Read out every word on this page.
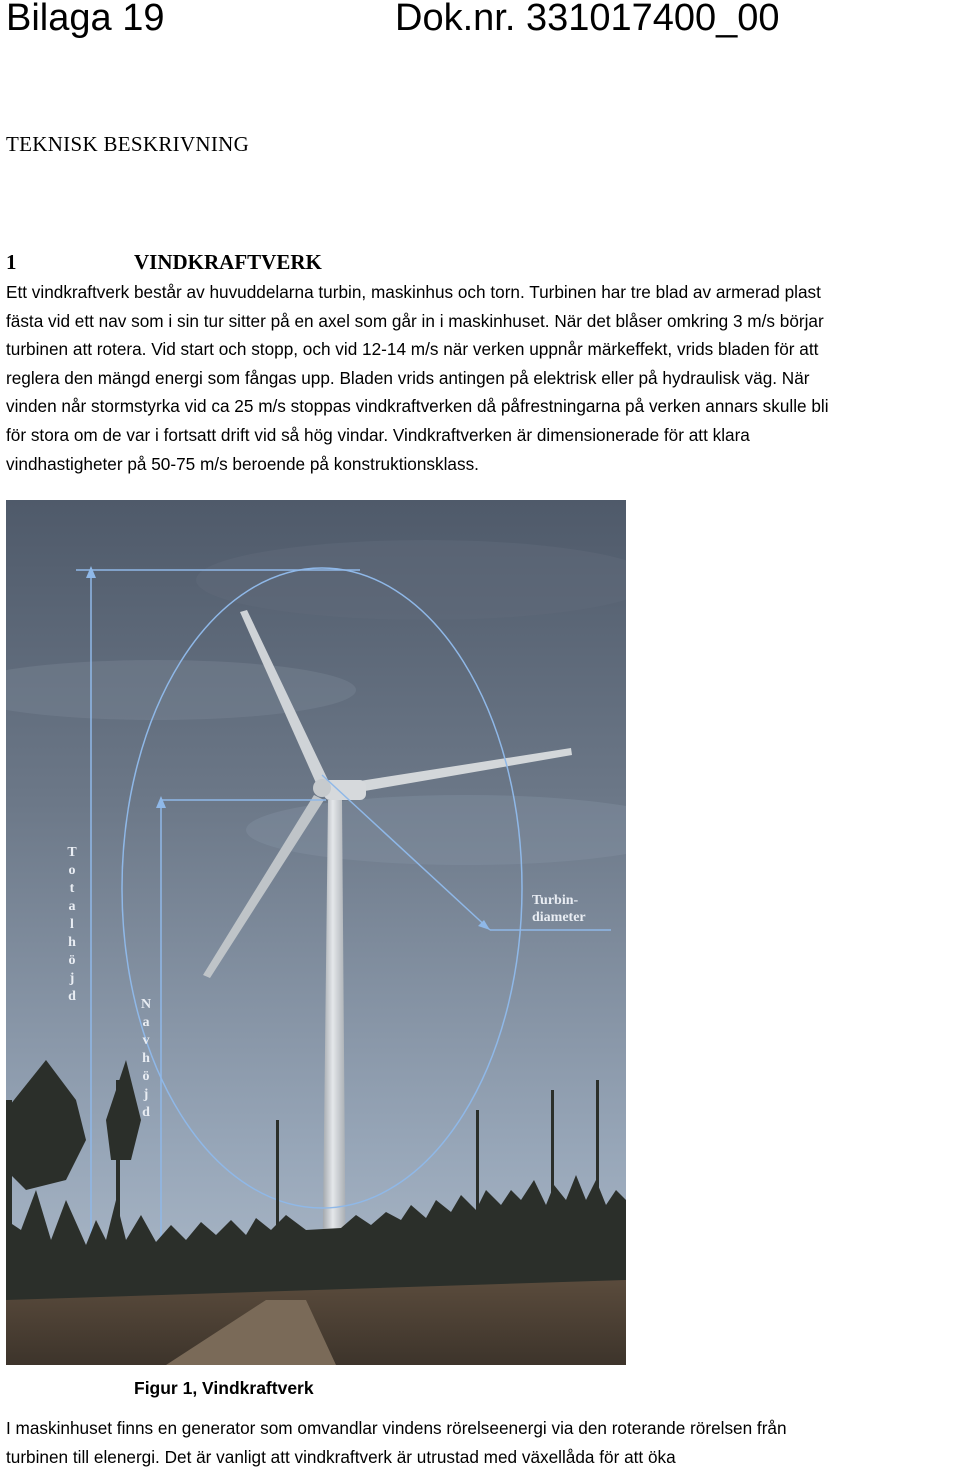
Bilaga 19	Dok.nr. 331017400_00
TEKNISK BESKRIVNING
1	VINDKRAFTVERK
Ett vindkraftverk består av huvuddelarna turbin, maskinhus och torn. Turbinen har tre blad av armerad plast
fästa vid ett nav som i sin tur sitter på en axel som går in i maskinhuset. När det blåser omkring 3 m/s börjar
turbinen att rotera. Vid start och stopp, och vid 12-14 m/s när verken uppnår märkeffekt, vrids bladen för att
reglera den mängd energi som fångas upp. Bladen vrids antingen på elektrisk eller på hydraulisk väg. När
vinden når stormstyrka vid ca 25 m/s stoppas vindkraftverken då påfrestningarna på verken annars skulle bli
för stora om de var i fortsatt drift vid så hög vindar. Vindkraftverken är dimensionerade för att klara
vindhastigheter på 50-75 m/s beroende på konstruktionsklass.
T o t a l h ö j d
N a v h ö j d
Turbin-
diameter
Figur 1, Vindkraftverk
I maskinhuset finns en generator som omvandlar vindens rörelseenergi via den roterande rörelsen från
turbinen till elenergi. Det är vanligt att vindkraftverk är utrustad med växellåda för att öka
